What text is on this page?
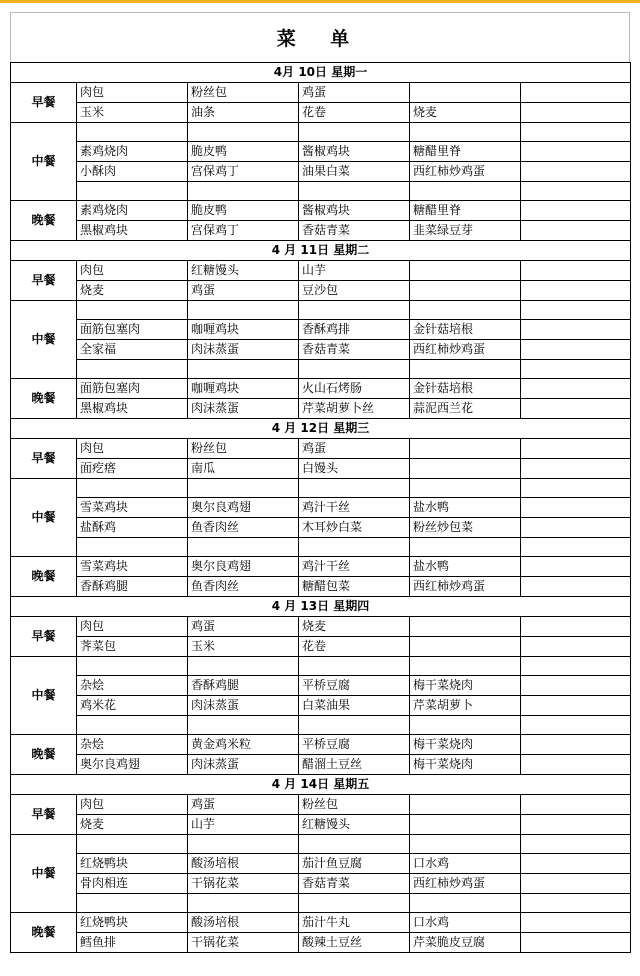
菜 单
4月 10日 星期一					
早餐	肉包	粉丝包	鸡蛋		
	玉米	油条	花卷	烧麦	
中餐					
	素鸡烧肉	脆皮鸭	酱椒鸡块	糖醋里脊	
	小酥肉	宫保鸡丁	油果白菜	西红柿炒鸡蛋	

晚餐	素鸡烧肉	脆皮鸭	酱椒鸡块	糖醋里脊	
	黑椒鸡块	宫保鸡丁	香菇青菜	韭菜绿豆芽	
4 月 11日 星期二					
早餐	肉包	红糖馒头	山芋		
	烧麦	鸡蛋	豆沙包		
中餐					
	面筋包塞肉	咖喱鸡块	香酥鸡排	金针菇培根	
	全家福	肉沫蒸蛋	香菇青菜	西红柿炒鸡蛋	

晚餐	面筋包塞肉	咖喱鸡块	火山石烤肠	金针菇培根	
	黑椒鸡块	肉沫蒸蛋	芹菜胡萝卜丝	蒜泥西兰花	
4 月 12日 星期三					
早餐	肉包	粉丝包	鸡蛋		
	面疙瘩	南瓜	白馒头		
中餐					
	雪菜鸡块	奥尔良鸡翅	鸡汁干丝	盐水鸭	
	盐酥鸡	鱼香肉丝	木耳炒白菜	粉丝炒包菜	

晚餐	雪菜鸡块	奥尔良鸡翅	鸡汁干丝	盐水鸭	
	香酥鸡腿	鱼香肉丝	糖醋包菜	西红柿炒鸡蛋	
4 月 13日 星期四					
早餐	肉包	鸡蛋	烧麦		
	荠菜包	玉米	花卷		
中餐					
	杂烩	香酥鸡腿	平桥豆腐	梅干菜烧肉	
	鸡米花	肉沫蒸蛋	白菜油果	芹菜胡萝卜	

晚餐	杂烩	黄金鸡米粒	平桥豆腐	梅干菜烧肉	
	奥尔良鸡翅	肉沫蒸蛋	醋溜土豆丝	梅干菜烧肉	
4 月 14日 星期五					
早餐	肉包	鸡蛋	粉丝包		
	烧麦	山芋	红糖馒头		
中餐					
	红烧鸭块	酸汤培根	茄汁鱼豆腐	口水鸡	
	骨肉相连	干锅花菜	香菇青菜	西红柿炒鸡蛋	

晚餐	红烧鸭块	酸汤培根	茄汁牛丸	口水鸡	
	鳕鱼排	干锅花菜	酸辣土豆丝	芹菜脆皮豆腐	
